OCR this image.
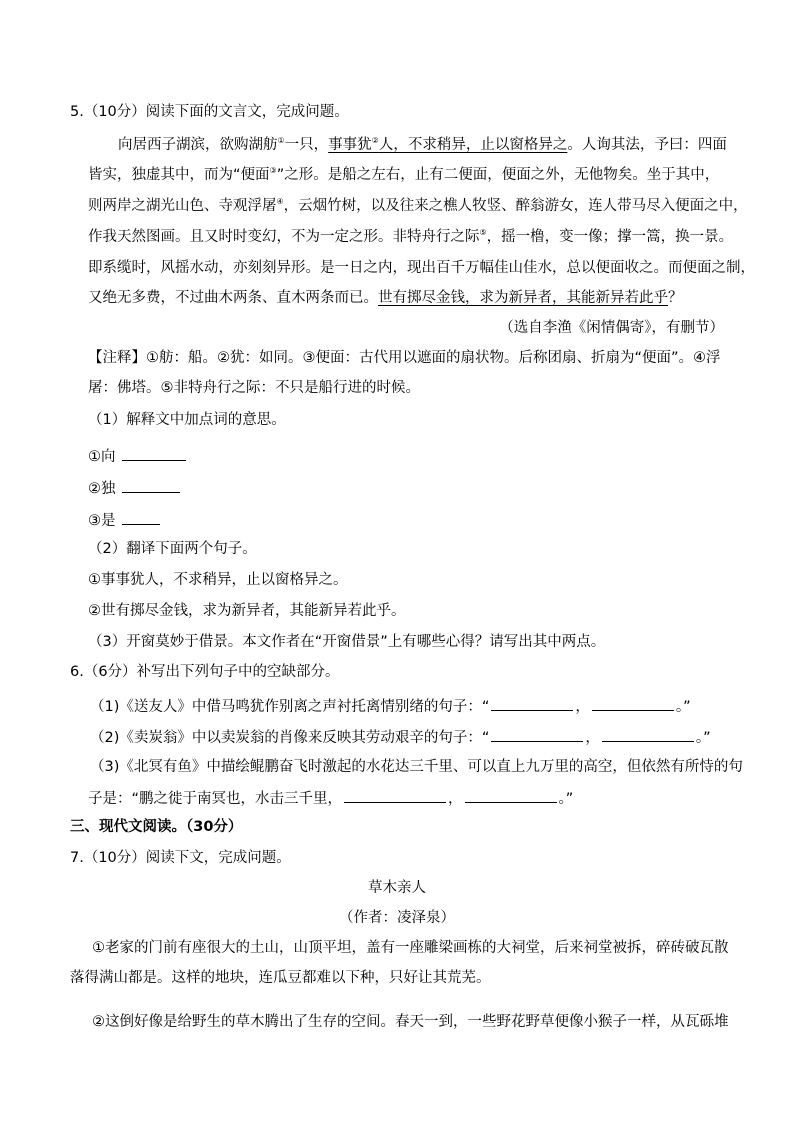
5.（10分）阅读下面的文言文，完成问题。
向居西子湖滨，欲购湖舫①一只，事事犹②人，不求稍异，止以窗格异之。人询其法，予曰：四面
皆实，独虚其中，而为“便面③”之形。是船之左右，止有二便面，便面之外，无他物矣。坐于其中，
则两岸之湖光山色、寺观浮屠④，云烟竹树，以及往来之樵人牧竖、醉翁游女，连人带马尽入便面之中，
作我天然图画。且又时时变幻，不为一定之形。非特舟行之际⑤，摇一橹，变一像；撑一篙，换一景。
即系缆时，风摇水动，亦刻刻异形。是一日之内，现出百千万幅佳山佳水，总以便面收之。而便面之制，
又绝无多费，不过曲木两条、直木两条而已。世有掷尽金钱，求为新异者，其能新异若此乎？
（选自李渔《闲情偶寄》，有删节）
【注释】①舫：船。②犹：如同。③便面：古代用以遮面的扇状物。后称团扇、折扇为“便面”。④浮
屠：佛塔。⑤非特舟行之际：不只是船行进的时候。
（1）解释文中加点词的意思。
①向
②独
③是
（2）翻译下面两个句子。
①事事犹人，不求稍异，止以窗格异之。
②世有掷尽金钱，求为新异者，其能新异若此乎。
（3）开窗莫妙于借景。本文作者在“开窗借景”上有哪些心得？请写出其中两点。
6.（6分）补写出下列句子中的空缺部分。
（1)《送友人》中借马鸣犹作别离之声衬托离情别绪的句子：“	，	。”
（2)《卖炭翁》中以卖炭翁的肖像来反映其劳动艰辛的句子：“	，	。”
（3)《北冥有鱼》中描绘鲲鹏奋飞时激起的水花达三千里、可以直上九万里的高空，但依然有所恃的句
子是：“鹏之徙于南冥也，水击三千里，	，	。”
三、现代文阅读。（30分）
7.（10分）阅读下文，完成问题。
草木亲人
（作者：凌泽泉）
①老家的门前有座很大的土山，山顶平坦，盖有一座雕梁画栋的大祠堂，后来祠堂被拆，碎砖破瓦散
落得满山都是。这样的地块，连瓜豆都难以下种，只好让其荒芜。
②这倒好像是给野生的草木腾出了生存的空间。春天一到，一些野花野草便像小猴子一样，从瓦砾堆
